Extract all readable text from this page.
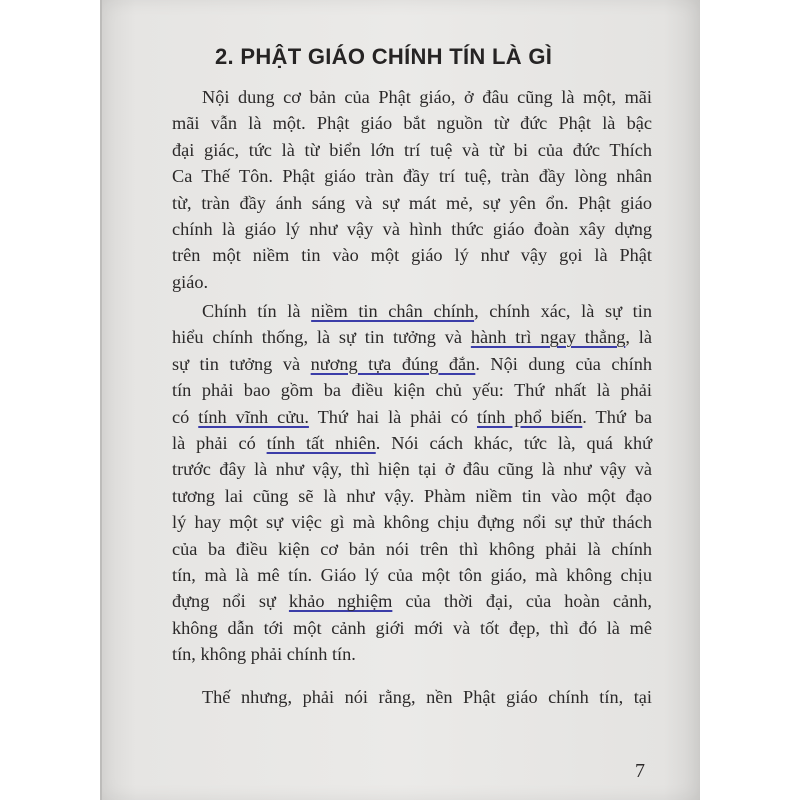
2. PHẬT GIÁO CHÍNH TÍN LÀ GÌ
Nội dung cơ bản của Phật giáo, ở đâu cũng là một, mãi
mãi vẫn là một. Phật giáo bắt nguồn từ đức Phật là bậc
đại giác, tức là từ biển lớn trí tuệ và từ bi của đức Thích
Ca Thế Tôn. Phật giáo tràn đầy trí tuệ, tràn đầy lòng nhân
từ, tràn đầy ánh sáng và sự mát mẻ, sự yên ổn. Phật giáo
chính là giáo lý như vậy và hình thức giáo đoàn xây dựng
trên một niềm tin vào một giáo lý như vậy gọi là Phật
giáo.
Chính tín là niềm tin chân chính, chính xác, là sự tin
hiểu chính thống, là sự tin tưởng và hành trì ngay thẳng, là
sự tin tưởng và nương tựa đúng đắn. Nội dung của chính
tín phải bao gồm ba điều kiện chủ yếu: Thứ nhất là phải
có tính vĩnh cửu. Thứ hai là phải có tính phổ biến. Thứ ba
là phải có tính tất nhiên. Nói cách khác, tức là, quá khứ
trước đây là như vậy, thì hiện tại ở đâu cũng là như vậy và
tương lai cũng sẽ là như vậy. Phàm niềm tin vào một đạo
lý hay một sự việc gì mà không chịu đựng nổi sự thử thách
của ba điều kiện cơ bản nói trên thì không phải là chính
tín, mà là mê tín. Giáo lý của một tôn giáo, mà không chịu
đựng nổi sự khảo nghiệm của thời đại, của hoàn cảnh,
không dẫn tới một cảnh giới mới và tốt đẹp, thì đó là mê
tín, không phải chính tín.
Thế nhưng, phải nói rằng, nền Phật giáo chính tín, tại
7
